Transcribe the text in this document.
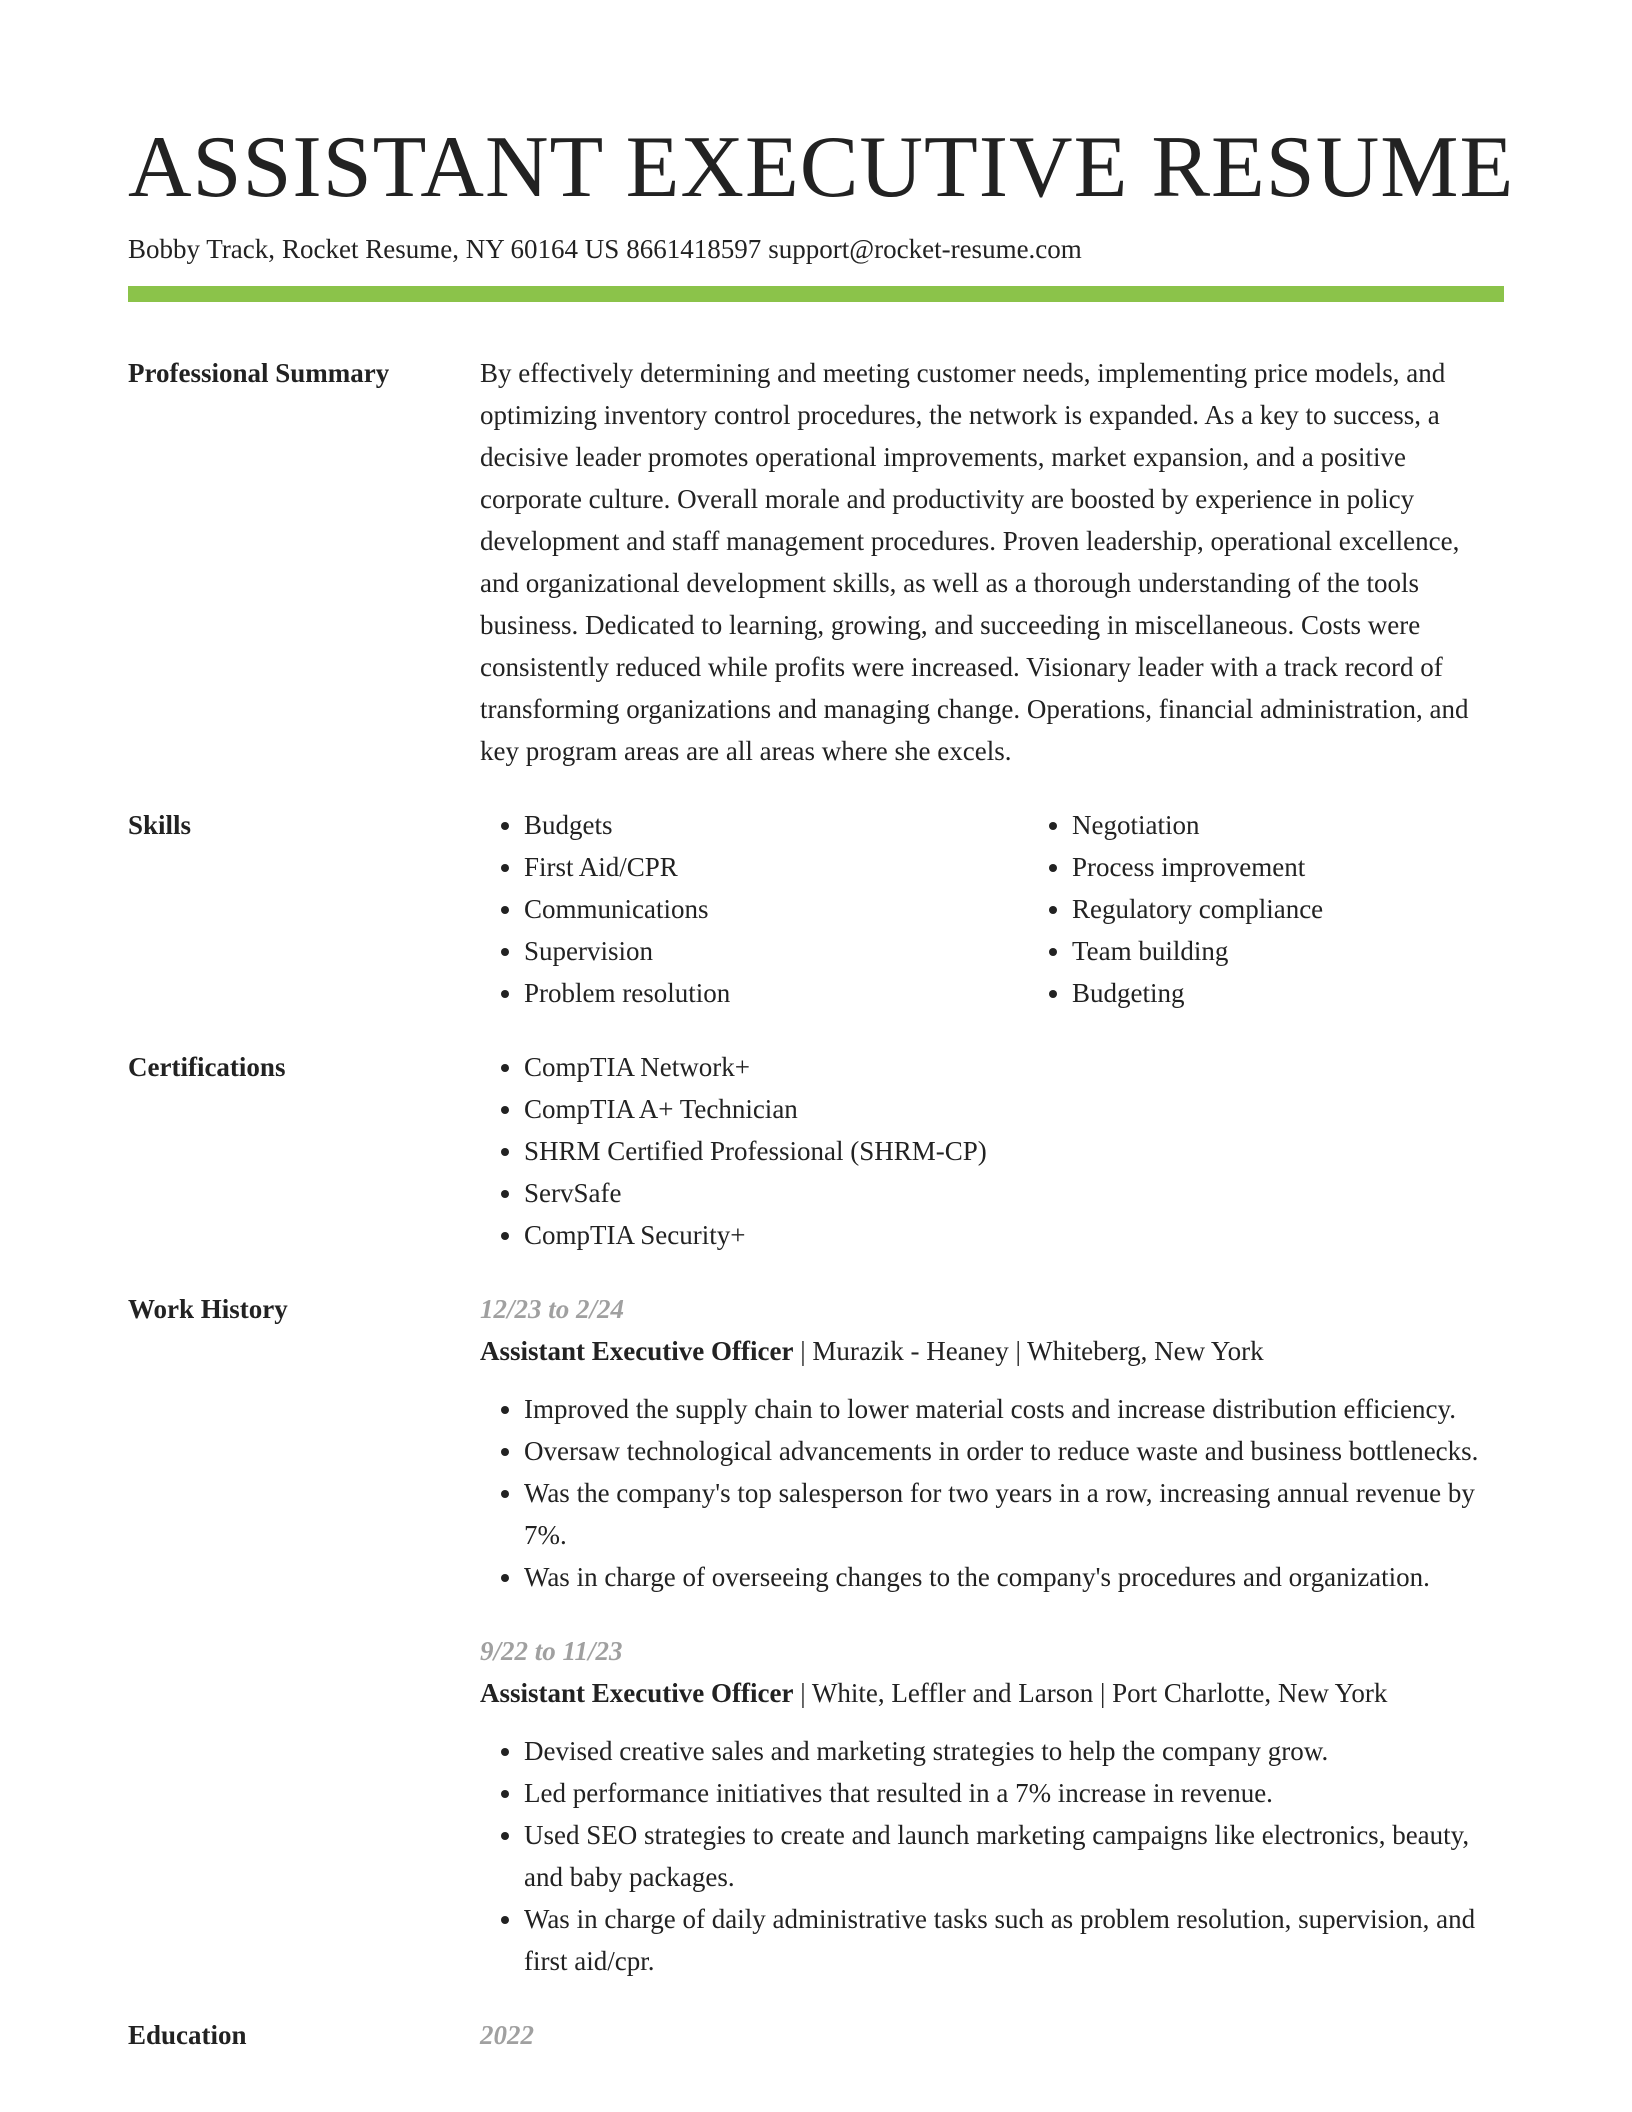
ASSISTANT EXECUTIVE RESUME
Bobby Track, Rocket Resume, NY 60164 US 8661418597 support@rocket-resume.com
Professional Summary	By effectively determining and meeting customer needs, implementing price models, and optimizing inventory control procedures, the network is expanded. As a key to success, a decisive leader promotes operational improvements, market expansion, and a positive corporate culture. Overall morale and productivity are boosted by experience in policy development and staff management procedures. Proven leadership, operational excellence, and organizational development skills, as well as a thorough understanding of the tools business. Dedicated to learning, growing, and succeeding in miscellaneous. Costs were consistently reduced while profits were increased. Visionary leader with a track record of transforming organizations and managing change. Operations, financial administration, and key program areas are all areas where she excels.

Skills	• Budgets
• First Aid/CPR
• Communications
• Supervision
• Problem resolution
• Negotiation
• Process improvement
• Regulatory compliance
• Team building
• Budgeting
Certifications	• CompTIA Network+
• CompTIA A+ Technician
• SHRM Certified Professional (SHRM-CP)
• ServSafe
• CompTIA Security+
Work History	12/23 to 2/24
Assistant Executive Officer | Murazik - Heaney | Whiteberg, New York
• Improved the supply chain to lower material costs and increase distribution efficiency.
• Oversaw technological advancements in order to reduce waste and business bottlenecks.
• Was the company's top salesperson for two years in a row, increasing annual revenue by 7%.
• Was in charge of overseeing changes to the company's procedures and organization.
9/22 to 11/23
Assistant Executive Officer | White, Leffler and Larson | Port Charlotte, New York
• Devised creative sales and marketing strategies to help the company grow.
• Led performance initiatives that resulted in a 7% increase in revenue.
• Used SEO strategies to create and launch marketing campaigns like electronics, beauty, and baby packages.
• Was in charge of daily administrative tasks such as problem resolution, supervision, and first aid/cpr.
Education	2022
